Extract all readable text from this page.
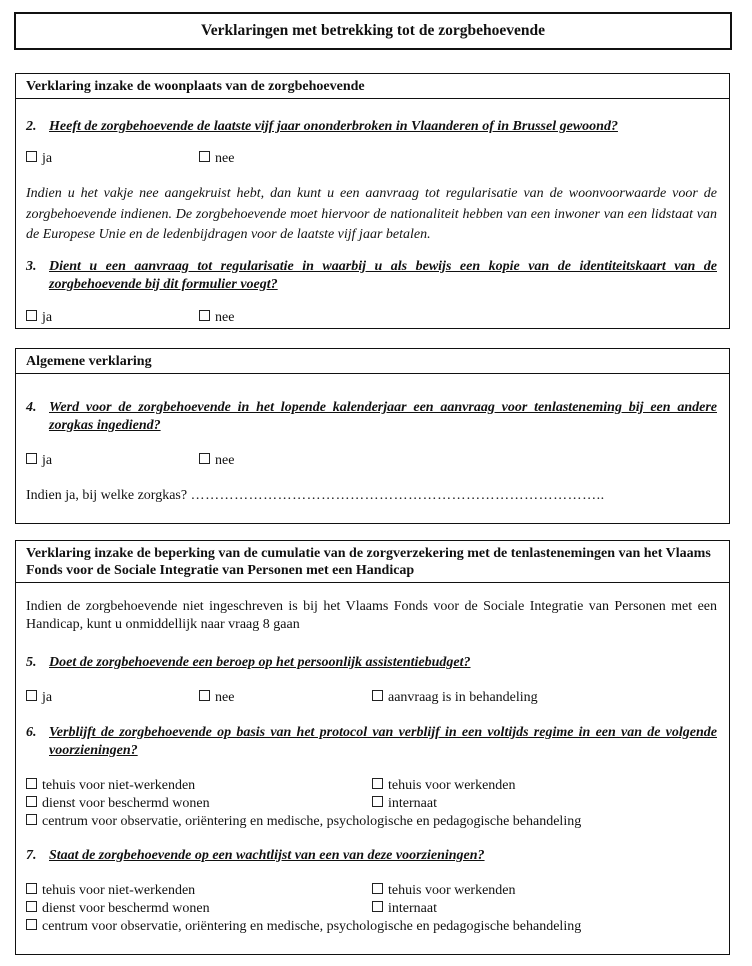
Verklaringen met betrekking tot de zorgbehoevende
Verklaring inzake de woonplaats van de zorgbehoevende
2. Heeft de zorgbehoevende de laatste vijf jaar ononderbroken in Vlaanderen of in Brussel gewoond?
ja	nee
Indien u het vakje nee aangekruist hebt, dan kunt u een aanvraag tot regularisatie van de woonvoorwaarde voor de zorgbehoevende indienen. De zorgbehoevende moet hiervoor de nationaliteit hebben van een inwoner van een lidstaat van de Europese Unie en de ledenbijdragen voor de laatste vijf jaar betalen.
3. Dient u een aanvraag tot regularisatie in waarbij u als bewijs een kopie van de identiteitskaart van de zorgbehoevende bij dit formulier voegt?
ja	nee
Algemene verklaring
4. Werd voor de zorgbehoevende in het lopende kalenderjaar een aanvraag voor tenlasteneming bij een andere zorgkas ingediend?
ja	nee
Indien ja, bij welke zorgkas? …………………………………………………………………………..
Verklaring inzake de beperking van de cumulatie van de zorgverzekering met de tenlastenemingen van het Vlaams Fonds voor de Sociale Integratie van Personen met een Handicap
Indien de zorgbehoevende niet ingeschreven is bij het Vlaams Fonds voor de Sociale Integratie van Personen met een Handicap, kunt u onmiddellijk naar vraag 8 gaan
5. Doet de zorgbehoevende een beroep op het persoonlijk assistentiebudget?
ja	nee	aanvraag is in behandeling
6. Verblijft de zorgbehoevende op basis van het protocol van verblijf in een voltijds regime in een van de volgende voorzieningen?
tehuis voor niet-werkenden	tehuis voor werkenden
dienst voor beschermd wonen	internaat
centrum voor observatie, oriëntering en medische, psychologische en pedagogische behandeling
7. Staat de zorgbehoevende op een wachtlijst van een van deze voorzieningen?
tehuis voor niet-werkenden	tehuis voor werkenden
dienst voor beschermd wonen	internaat
centrum voor observatie, oriëntering en medische, psychologische en pedagogische behandeling
